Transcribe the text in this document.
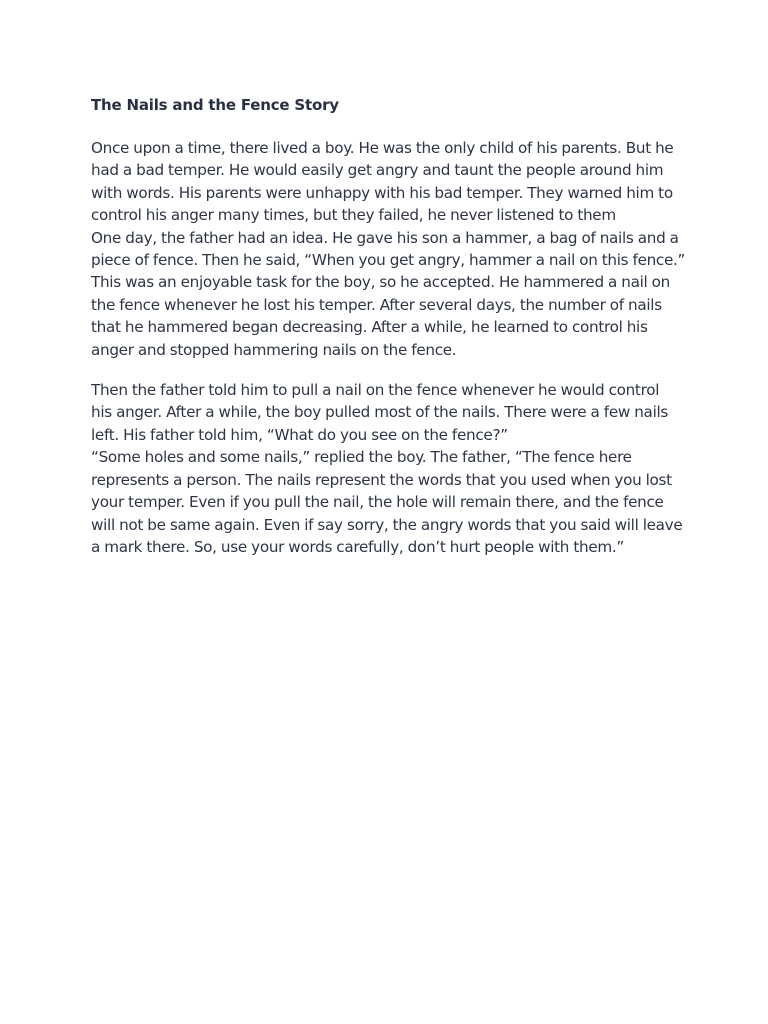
The Nails and the Fence Story
Once upon a time, there lived a boy. He was the only child of his parents. But he
had a bad temper. He would easily get angry and taunt the people around him
with words. His parents were unhappy with his bad temper. They warned him to
control his anger many times, but they failed, he never listened to them
One day, the father had an idea. He gave his son a hammer, a bag of nails and a
piece of fence. Then he said, “When you get angry, hammer a nail on this fence.”
This was an enjoyable task for the boy, so he accepted. He hammered a nail on
the fence whenever he lost his temper. After several days, the number of nails
that he hammered began decreasing. After a while, he learned to control his
anger and stopped hammering nails on the fence.
Then the father told him to pull a nail on the fence whenever he would control
his anger. After a while, the boy pulled most of the nails. There were a few nails
left. His father told him, “What do you see on the fence?”
“Some holes and some nails,” replied the boy. The father, “The fence here
represents a person. The nails represent the words that you used when you lost
your temper. Even if you pull the nail, the hole will remain there, and the fence
will not be same again. Even if say sorry, the angry words that you said will leave
a mark there. So, use your words carefully, don’t hurt people with them.”
